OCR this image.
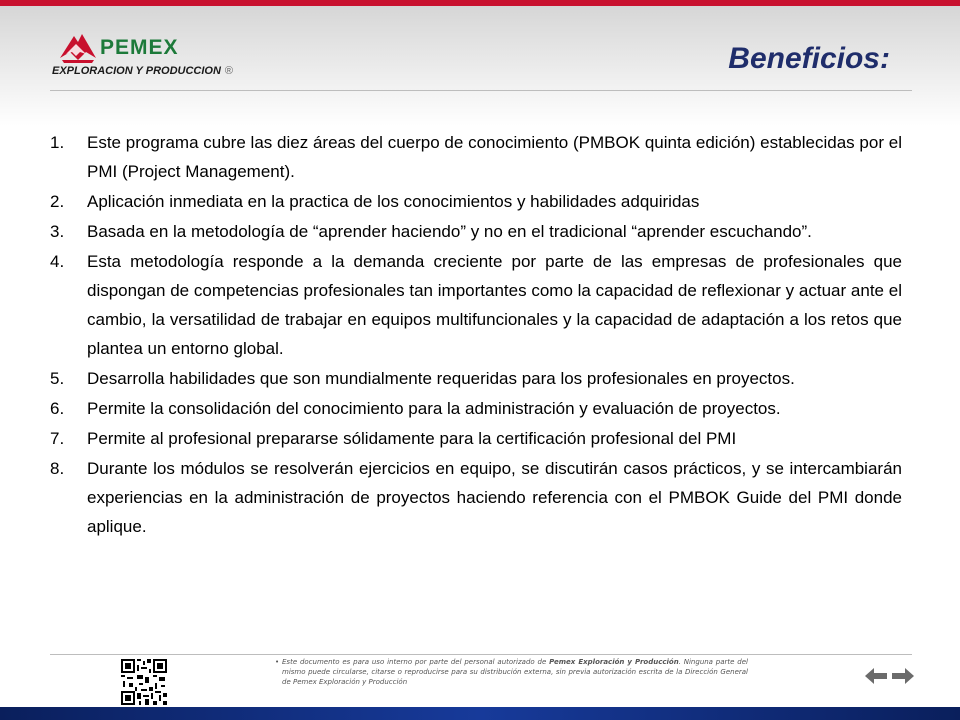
PEMEX
EXPLORACION Y PRODUCCION ®	Beneficios:
1. Este programa cubre las diez áreas del cuerpo de conocimiento (PMBOK quinta edición) establecidas por el PMI (Project Management).
2. Aplicación inmediata en la practica de los conocimientos y habilidades adquiridas
3. Basada en la metodología de “aprender haciendo” y no en el tradicional “aprender escuchando”.
4. Esta metodología responde a la demanda creciente por parte de las empresas de profesionales que dispongan de competencias profesionales tan importantes como la capacidad de reflexionar y actuar ante el cambio, la versatilidad de trabajar en equipos multifuncionales y la capacidad de adaptación a los retos que plantea un entorno global.
5. Desarrolla habilidades que son mundialmente requeridas para los profesionales en proyectos.
6. Permite la consolidación del conocimiento para la administración y evaluación de proyectos.
7. Permite al profesional prepararse sólidamente para la certificación profesional del PMI
8. Durante los módulos se resolverán ejercicios en equipo, se discutirán casos prácticos, y se intercambiarán experiencias en la administración de proyectos haciendo referencia con el PMBOK Guide del PMI donde aplique.
• Este documento es para uso interno por parte del personal autorizado de Pemex Exploración y Producción. Ninguna parte del mismo puede circularse, citarse o reproducirse para su distribución externa, sin previa autorización escrita de la Dirección General de Pemex Exploración y Producción
